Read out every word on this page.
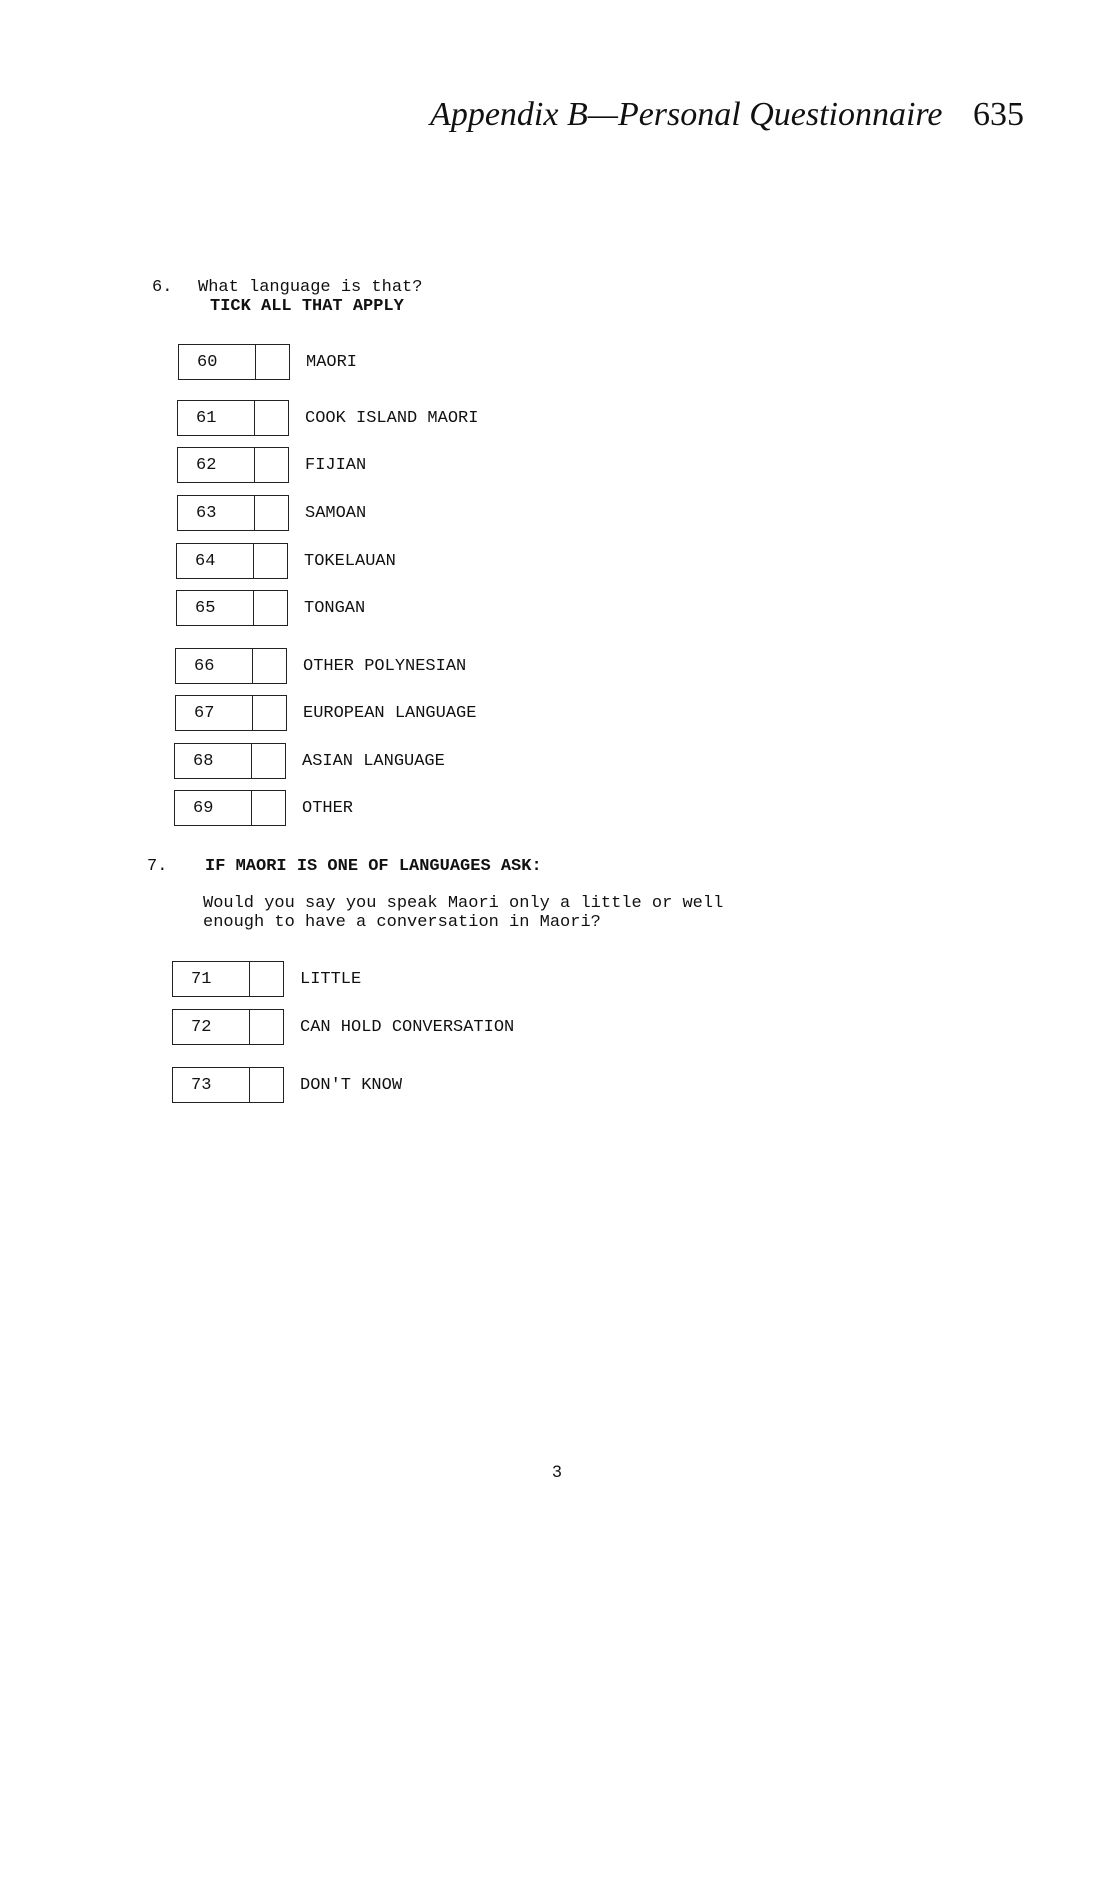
Appendix B—Personal Questionnaire 635
6. What language is that?
TICK ALL THAT APPLY
60	MAORI
61	COOK ISLAND MAORI
62	FIJIAN
63	SAMOAN
64	TOKELAUAN
65	TONGAN
66	OTHER POLYNESIAN
67	EUROPEAN LANGUAGE
68	ASIAN LANGUAGE
69	OTHER
7. IF MAORI IS ONE OF LANGUAGES ASK:
Would you say you speak Maori only a little or well
enough to have a conversation in Maori?
71	LITTLE
72	CAN HOLD CONVERSATION
73	DON'T KNOW
3
